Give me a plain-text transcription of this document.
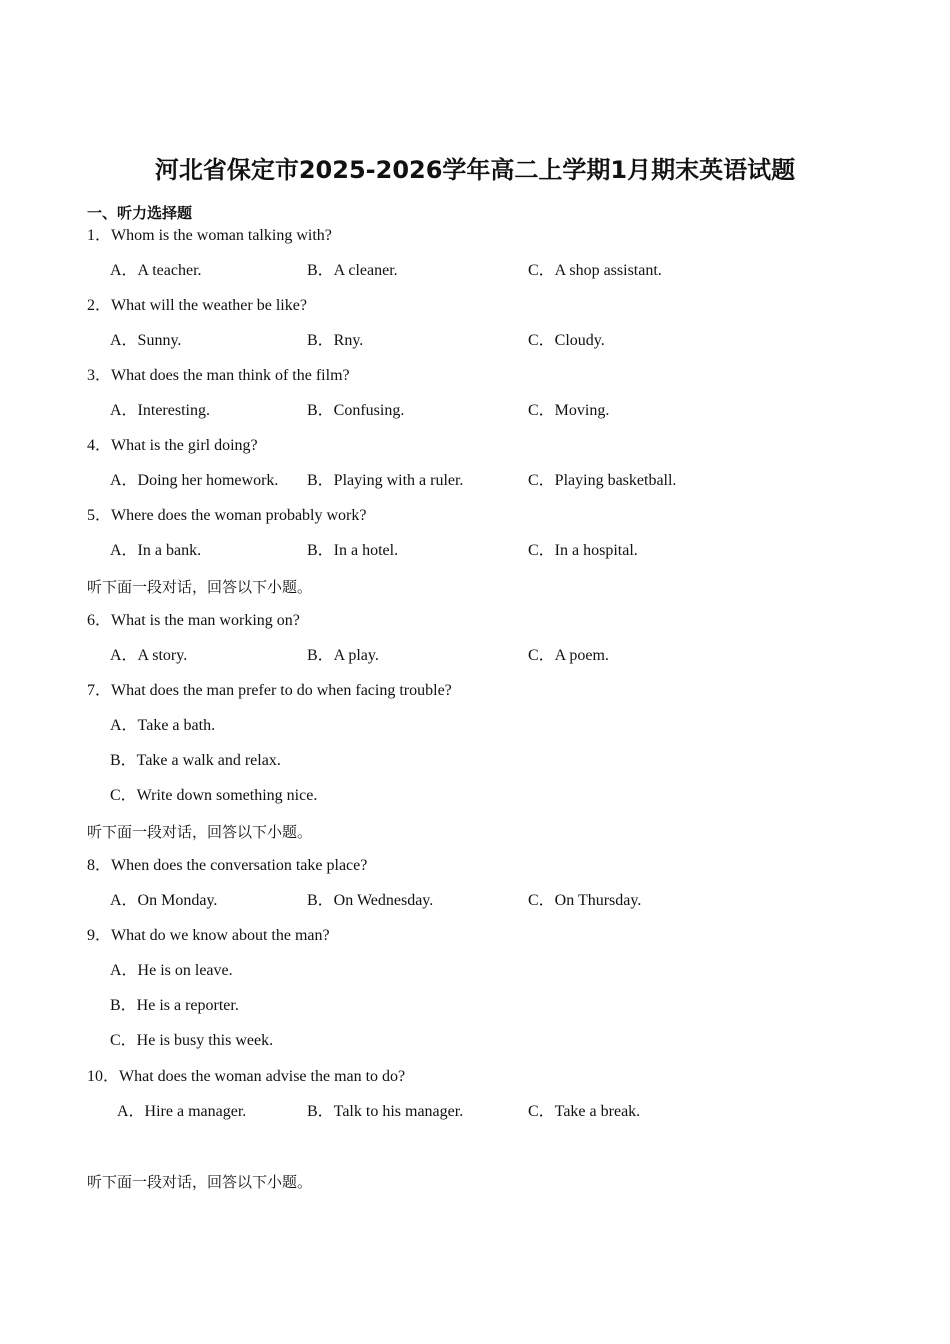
河北省保定市2025-2026学年高二上学期1月期末英语试题
一、听力选择题
1．Whom is the woman talking with?
A．A teacher.	B．A cleaner.	C．A shop assistant.
2．What will the weather be like?
A．Sunny.	B．Rny.	C．Cloudy.
3．What does the man think of the film?
A．Interesting.	B．Confusing.	C．Moving.
4．What is the girl doing?
A．Doing her homework. B．Playing with a ruler.	C．Playing basketball.
5．Where does the woman probably work?
A．In a bank.	B．In a hotel.	C．In a hospital.
听下面一段对话，回答以下小题。
6．What is the man working on?
A．A story.	B．A play.	C．A poem.
7．What does the man prefer to do when facing trouble?
A．Take a bath.
B．Take a walk and relax.
C．Write down something nice.
听下面一段对话，回答以下小题。
8．When does the conversation take place?
A．On Monday.	B．On Wednesday.	C．On Thursday.
9．What do we know about the man?
A．He is on leave.
B．He is a reporter.
C．He is busy this week.
10．What does the woman advise the man to do?
A．Hire a manager.	B．Talk to his manager.	C．Take a break.
听下面一段对话，回答以下小题。
